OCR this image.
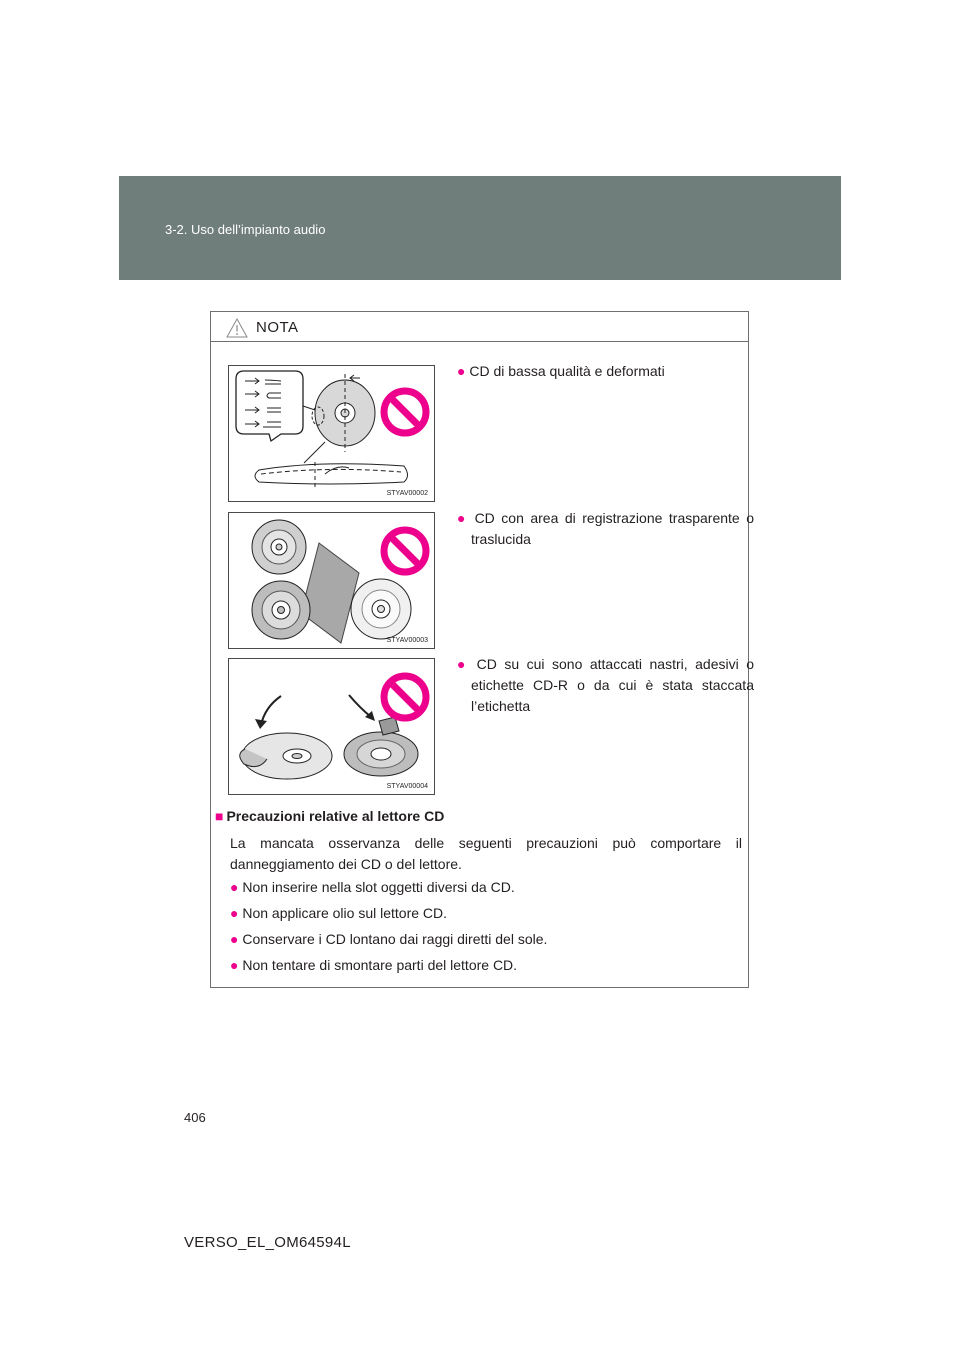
3-2. Uso dell’impianto audio
NOTA
STYAV00002
● CD di bassa qualità e deformati
STYAV00003
● CD con area di registrazione trasparente o traslucida
STYAV00004
● CD su cui sono attaccati nastri, adesivi o etichette CD-R o da cui è stata staccata l’etichetta
■ Precauzioni relative al lettore CD
La mancata osservanza delle seguenti precauzioni può comportare il danneggiamento dei CD o del lettore.
● Non inserire nella slot oggetti diversi da CD.
● Non applicare olio sul lettore CD.
● Conservare i CD lontano dai raggi diretti del sole.
● Non tentare di smontare parti del lettore CD.
406
VERSO_EL_OM64594L
